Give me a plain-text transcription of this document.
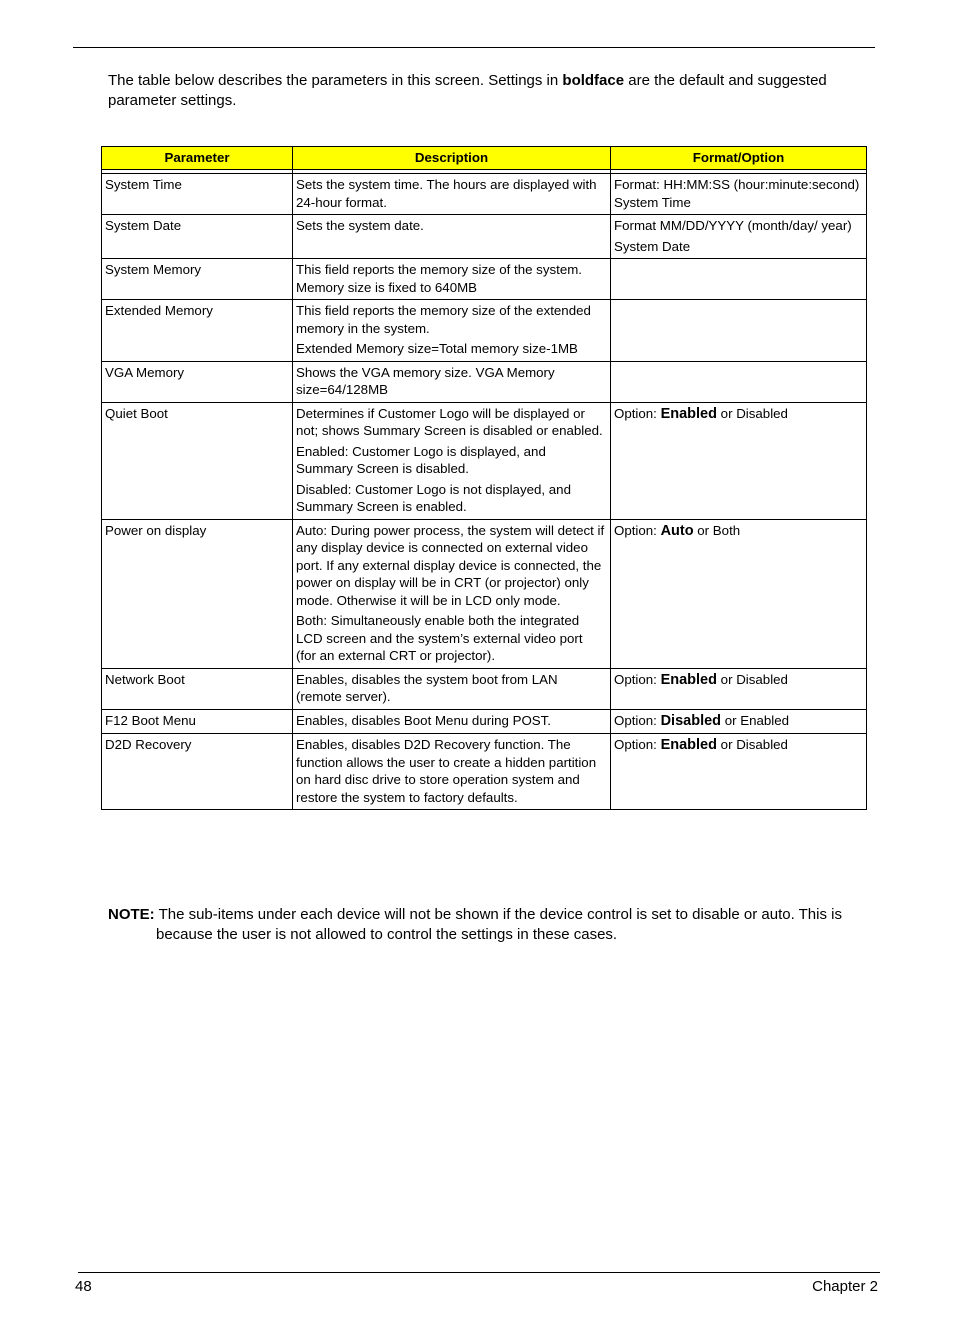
The table below describes the parameters in this screen. Settings in boldface are the default and suggested parameter settings.

Parameter	Description	Format/Option

System Time	Sets the system time. The hours are displayed with 24-hour format.	Format: HH:MM:SS (hour:minute:second) System Time

System Date	Sets the system date.	Format MM/DD/YYYY (month/day/ year)
System Date

System Memory	This field reports the memory size of the system. Memory size is fixed to 640MB	

Extended Memory	This field reports the memory size of the extended memory in the system.
Extended Memory size=Total memory size-1MB	

VGA Memory	Shows the VGA memory size. VGA Memory size=64/128MB	

Quiet Boot	Determines if Customer Logo will be displayed or not; shows Summary Screen is disabled or enabled.
Enabled: Customer Logo is displayed, and Summary Screen is disabled.
Disabled: Customer Logo is not displayed, and Summary Screen is enabled.	Option: Enabled or Disabled

Power on display	Auto: During power process, the system will detect if any display device is connected on external video port. If any external display device is connected, the power on display will be in CRT (or projector) only mode. Otherwise it will be in LCD only mode.
Both: Simultaneously enable both the integrated LCD screen and the system’s external video port (for an external CRT or projector).	Option: Auto or Both

Network Boot	Enables, disables the system boot from LAN (remote server).	Option: Enabled or Disabled

F12 Boot Menu	Enables, disables Boot Menu during POST.	Option: Disabled or Enabled

D2D Recovery	Enables, disables D2D Recovery function. The function allows the user to create a hidden partition on hard disc drive to store operation system and restore the system to factory defaults.	Option: Enabled or Disabled
NOTE: The sub-items under each device will not be shown if the device control is set to disable or auto. This is
because the user is not allowed to control the settings in these cases.
48	Chapter 2
